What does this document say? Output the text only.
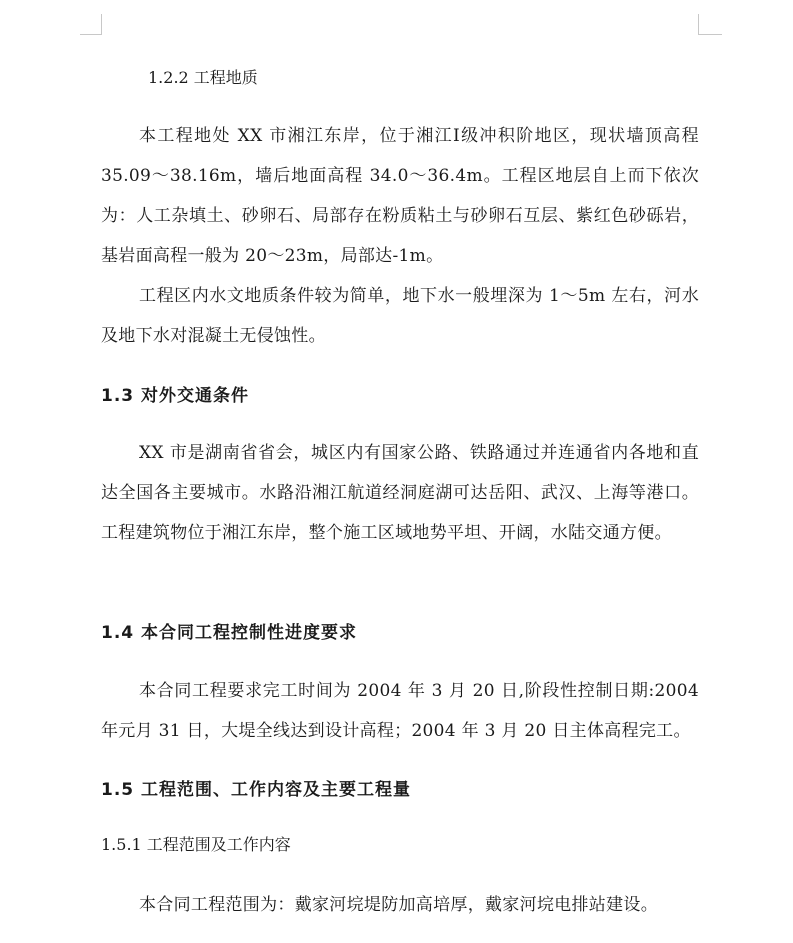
1.2.2 工程地质
本工程地处 XX 市湘江东岸，位于湘江Ⅰ级冲积阶地区，现状墙顶高程 35.09～38.16m，墙后地面高程 34.0～36.4m。工程区地层自上而下依次为：人工杂填土、砂卵石、局部存在粉质粘土与砂卵石互层、紫红色砂砾岩，基岩面高程一般为 20～23m，局部达-1m。
工程区内水文地质条件较为简单，地下水一般埋深为 1～5m 左右，河水及地下水对混凝土无侵蚀性。
1.3 对外交通条件
XX 市是湖南省省会，城区内有国家公路、铁路通过并连通省内各地和直达全国各主要城市。水路沿湘江航道经洞庭湖可达岳阳、武汉、上海等港口。工程建筑物位于湘江东岸，整个施工区域地势平坦、开阔，水陆交通方便。
1.4 本合同工程控制性进度要求
本合同工程要求完工时间为 2004 年 3 月 20 日,阶段性控制日期:2004 年元月 31 日，大堤全线达到设计高程；2004 年 3 月 20 日主体高程完工。
1.5 工程范围、工作内容及主要工程量
1.5.1 工程范围及工作内容
本合同工程范围为：戴家河垸堤防加高培厚，戴家河垸电排站建设。
